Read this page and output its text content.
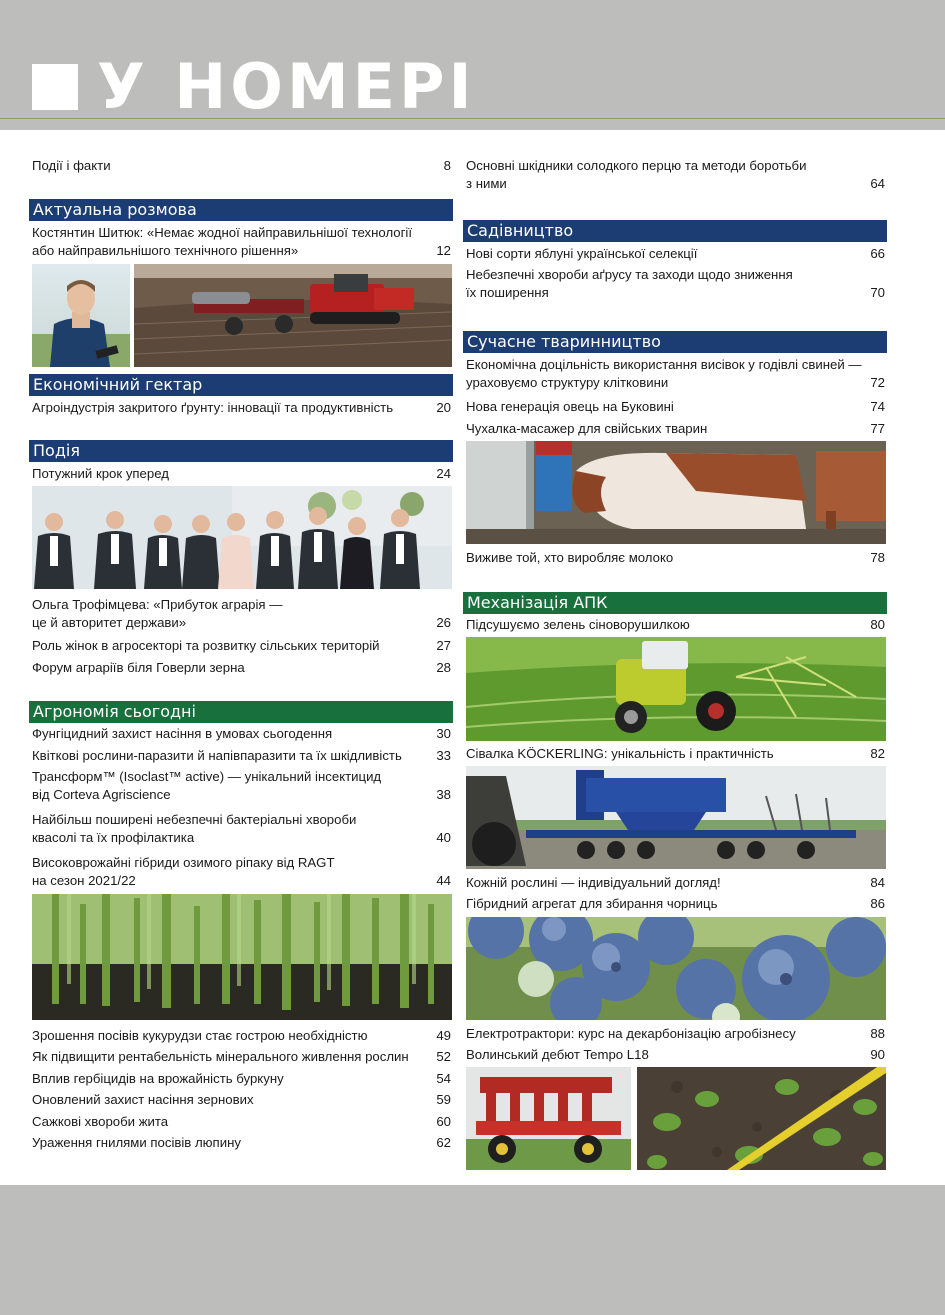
У НОМЕРІ
Події і факти	8
Актуальна розмова
Костянтин Шитюк: «Немає жодної найправильнішої технології
або найправильнішого технічного рішення»	12
Економічний гектар
Агроіндустрія закритого ґрунту: інновації та продуктивність	20
Подія
Потужний крок уперед	24
Ольга Трофімцева: «Прибуток аграрія —
це й авторитет держави»	26
Роль жінок в агросекторі та розвитку сільських територій	27
Форум аграріїв біля Говерли зерна	28
Агрономія сьогодні
Фунгіцидний захист насіння в умовах сьогодення	30
Квіткові рослини-паразити й напівпаразити та їх шкідливість	33
Трансформ™ (Isoclast™ active) — унікальний інсектицид
від Corteva Agriscience	38
Найбільш поширені небезпечні бактеріальні хвороби
квасолі та їх профілактика	40
Високоврожайні гібриди озимого ріпаку від RAGT
на сезон 2021/22	44
Зрошення посівів кукурудзи стає гострою необхідністю	49
Як підвищити рентабельність мінерального живлення рослин 52
Вплив гербіцидів на врожайність буркуну	54
Оновлений захист насіння зернових	59
Сажкові хвороби жита	60
Ураження гнилями посівів люпину	62
Основні шкідники солодкого перцю та методи боротьби
з ними	64
Садівництво
Нові сорти яблуні української селекції	66
Небезпечні хвороби аґрусу та заходи щодо зниження
їх поширення	70
Сучасне тваринництво
Економічна доцільність використання висівок у годівлі свиней —
ураховуємо структуру клітковини	72
Нова генерація овець на Буковині	74
Чухалка-масажер для свійських тварин	77
Виживе той, хто виробляє молоко	78
Механізація АПК
Підсушуємо зелень сіноворушилкою	80
Сівалка KÖCKERLING: унікальність і практичність	82
Кожній рослині — індивідуальний догляд!	84
Гібридний агрегат для збирання чорниць	86
Електротрактори: курс на декарбонізацію агробізнесу	88
Волинський дебют Tempo L18	90
